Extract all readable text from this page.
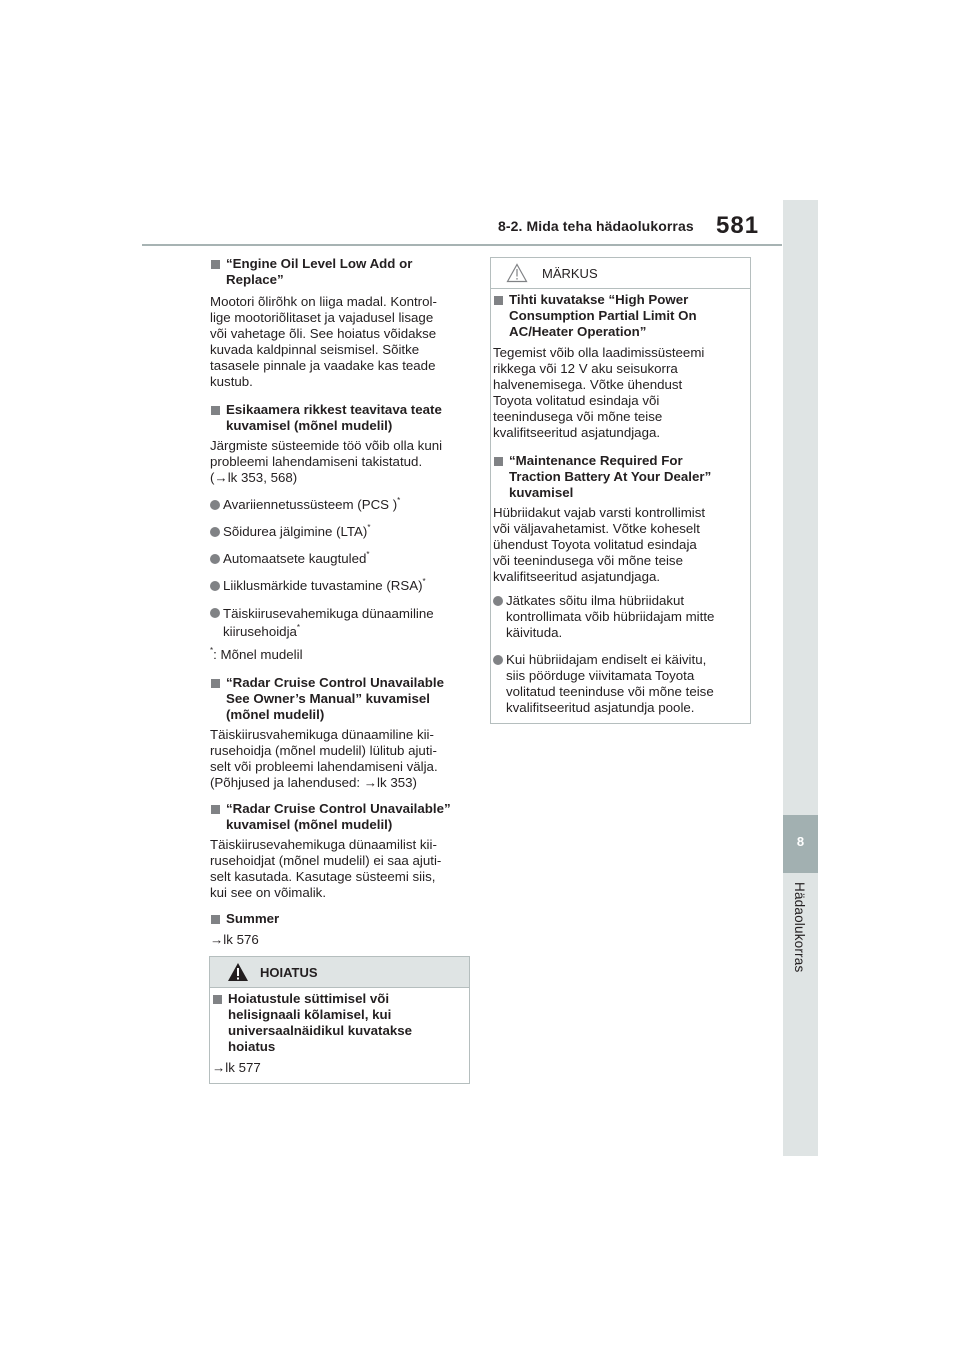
8-2. Mida teha hädaolukorras 581
8
Hädaolukorras
“Engine Oil Level Low Add or
Replace”
Mootori õlirõhk on liiga madal. Kontrol-
lige mootoriõlitaset ja vajadusel lisage
või vahetage õli. See hoiatus võidakse
kuvada kaldpinnal seismisel. Sõitke
tasasele pinnale ja vaadake kas teade
kustub.
Esikaamera rikkest teavitava teate
kuvamisel (mõnel mudelil)
Järgmiste süsteemide töö võib olla kuni
probleemi lahendamiseni takistatud.
(→lk 353, 568)
Avariiennetussüsteem (PCS )*
Sõidurea jälgimine (LTA)*
Automaatsete kaugtuled*
Liiklusmärkide tuvastamine (RSA)*
Täiskiirusevahemikuga dünaamiline
kiirusehoidja*
*: Mõnel mudelil
“Radar Cruise Control Unavailable
See Owner’s Manual” kuvamisel
(mõnel mudelil)
Täiskiirusvahemikuga dünaamiline kii-
rusehoidja (mõnel mudelil) lülitub ajuti-
selt või probleemi lahendamiseni välja.
(Põhjused ja lahendused: →lk 353)
“Radar Cruise Control Unavailable”
kuvamisel (mõnel mudelil)
Täiskiirusevahemikuga dünaamilist kii-
rusehoidjat (mõnel mudelil) ei saa ajuti-
selt kasutada. Kasutage süsteemi siis,
kui see on võimalik.
Summer
→lk 576
HOIATUS
Hoiatustule süttimisel või
helisignaali kõlamisel, kui
universaalnäidikul kuvatakse
hoiatus
→lk 577
MÄRKUS
Tihti kuvatakse “High Power
Consumption Partial Limit On
AC/Heater Operation”
Tegemist võib olla laadimissüsteemi
rikkega või 12 V aku seisukorra
halvenemisega. Võtke ühendust
Toyota volitatud esindaja või
teenindusega või mõne teise
kvalifitseeritud asjatundjaga.
“Maintenance Required For
Traction Battery At Your Dealer”
kuvamisel
Hübriidakut vajab varsti kontrollimist
või väljavahetamist. Võtke koheselt
ühendust Toyota volitatud esindaja
või teenindusega või mõne teise
kvalifitseeritud asjatundjaga.
Jätkates sõitu ilma hübriidakut
kontrollimata võib hübriidajam mitte
käivituda.
Kui hübriidajam endiselt ei käivitu,
siis pöörduge viivitamata Toyota
volitatud teeninduse või mõne teise
kvalifitseeritud asjatundja poole.
